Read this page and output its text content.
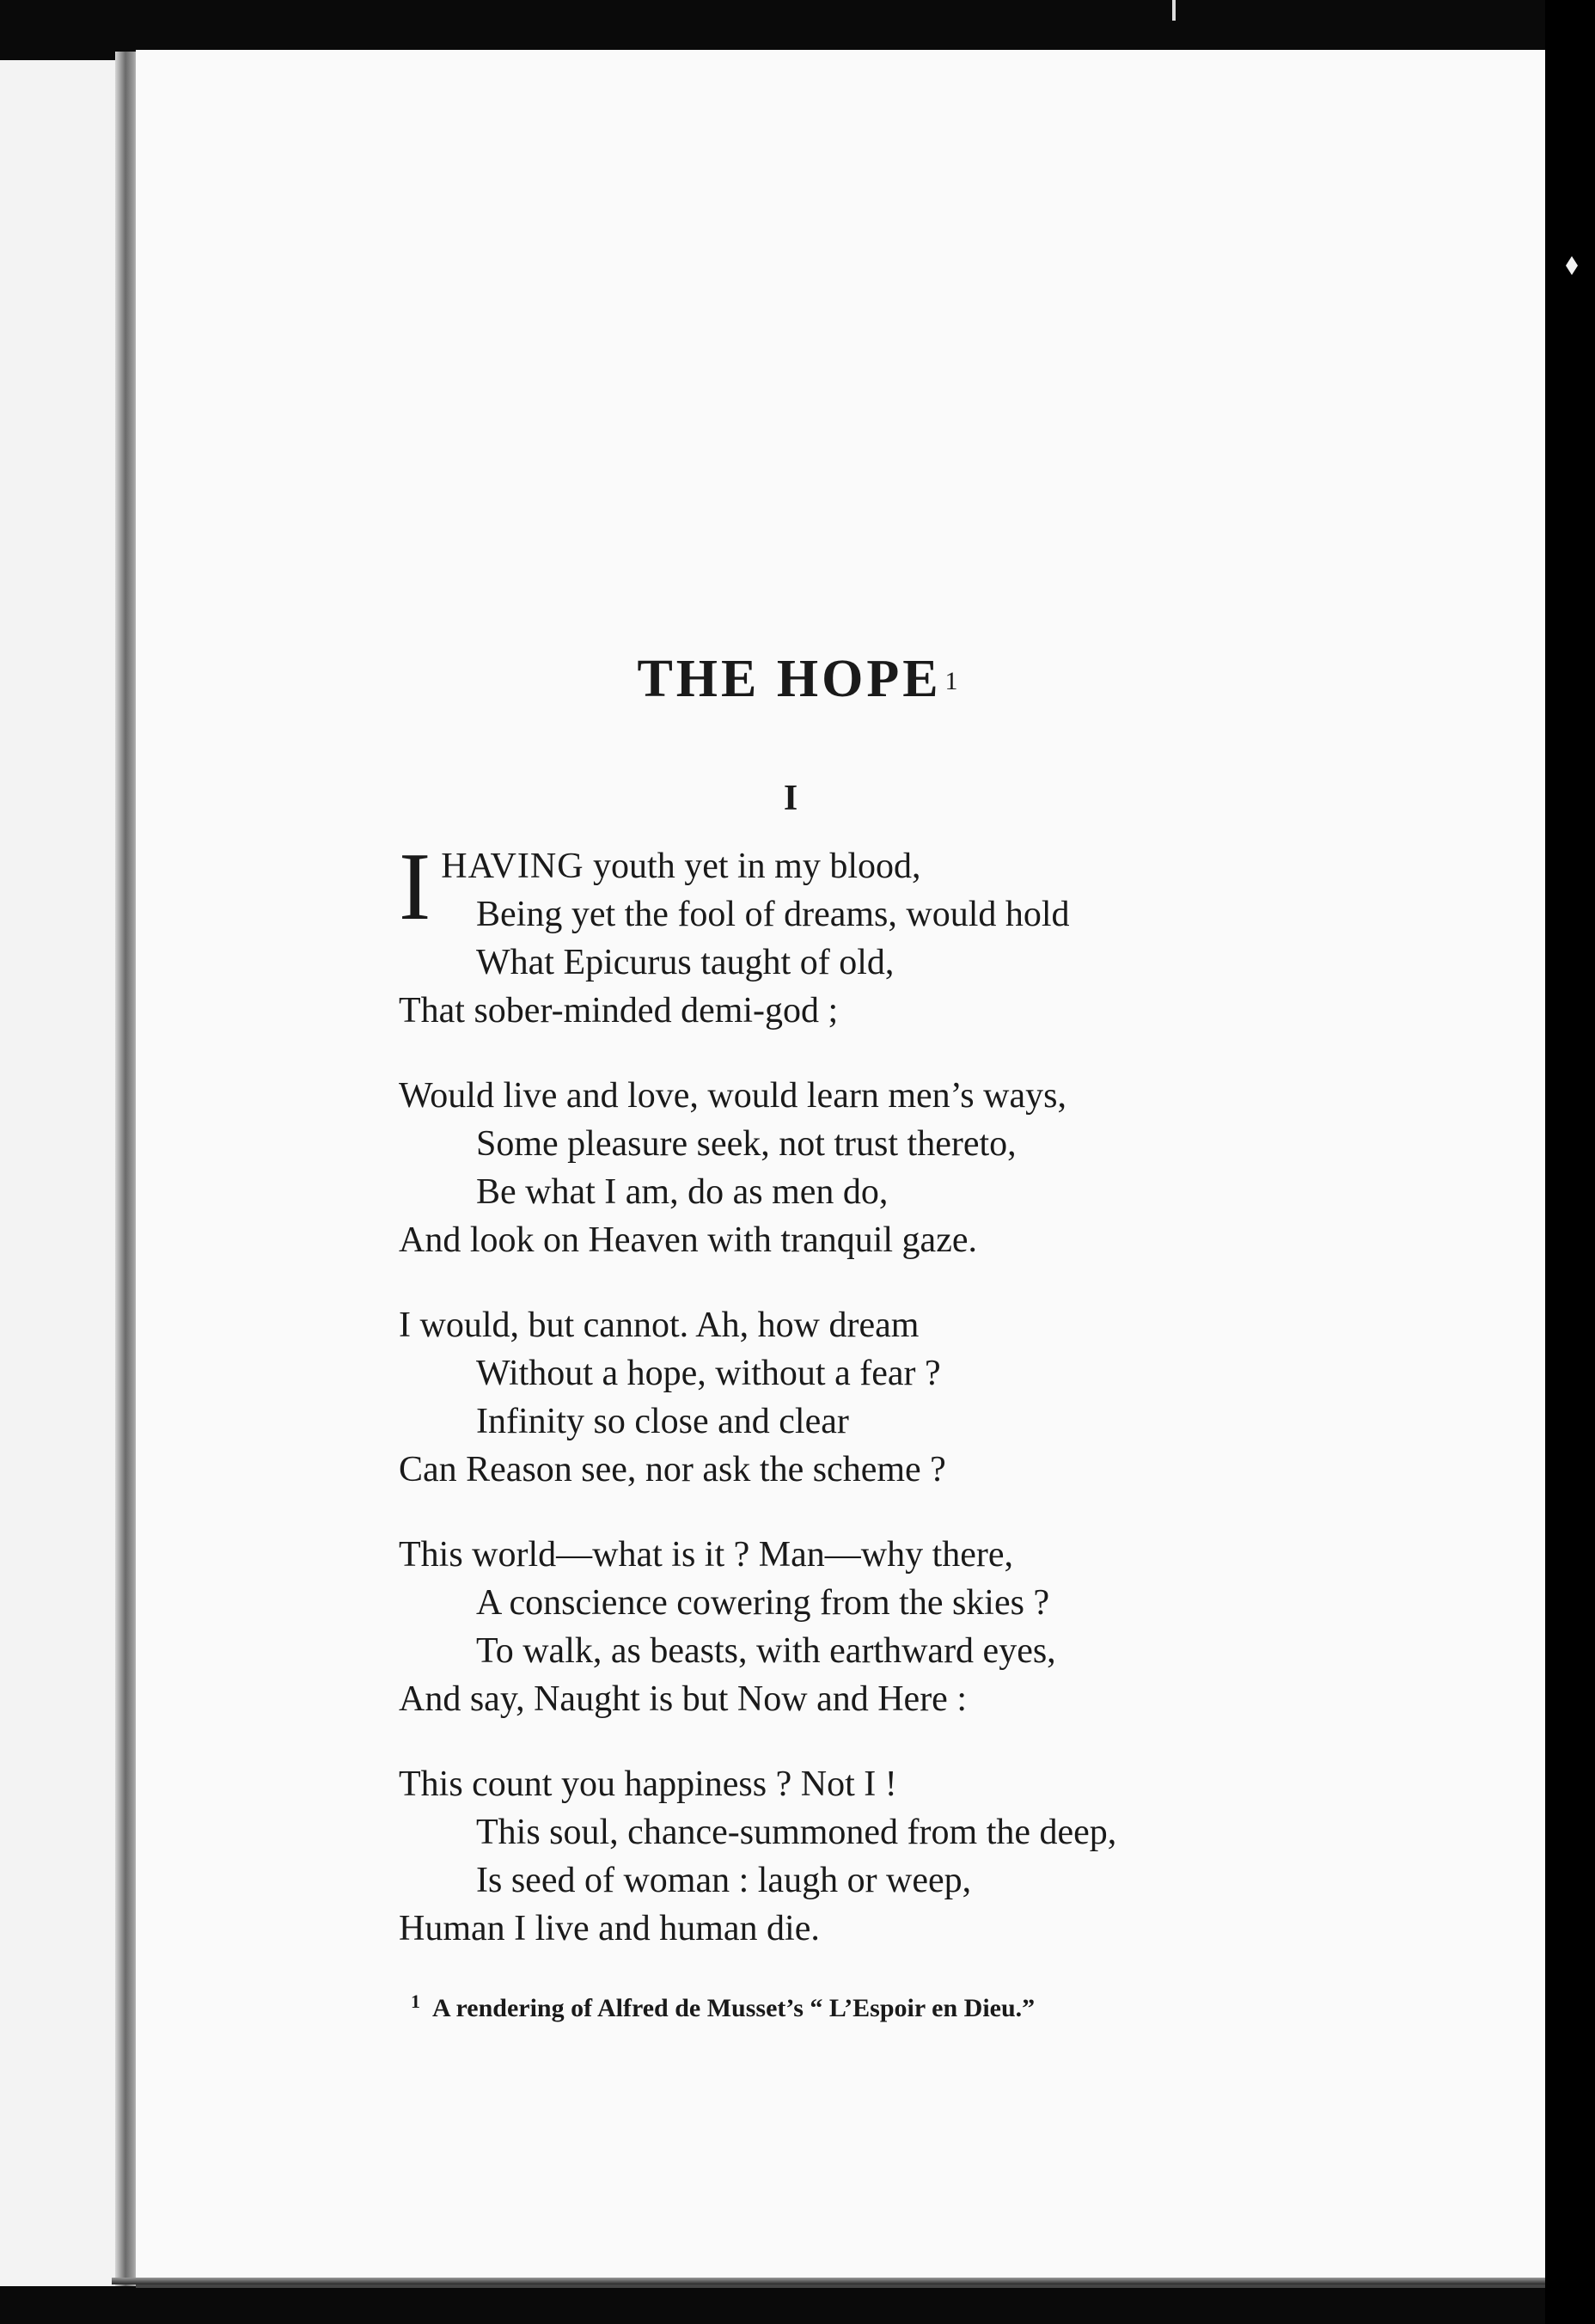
THE HOPE $^1$
I
IHAVING youth yet in my blood,
Being yet the fool of dreams, would hold
What Epicurus taught of old,
That sober-minded demi-god ;
Would live and love, would learn men’s ways,
Some pleasure seek, not trust thereto,
Be what I am, do as men do,
And look on Heaven with tranquil gaze.
I would, but cannot. Ah, how dream
Without a hope, without a fear ?
Infinity so close and clear
Can Reason see, nor ask the scheme ?
This world—what is it ? Man—why there,
A conscience cowering from the skies ?
To walk, as beasts, with earthward eyes,
And say, Naught is but Now and Here :
This count you happiness ? Not I !
This soul, chance-summoned from the deep,
Is seed of woman : laugh or weep,
Human I live and human die.
$^1$ A rendering of Alfred de Musset’s “ L’Espoir en Dieu.”
